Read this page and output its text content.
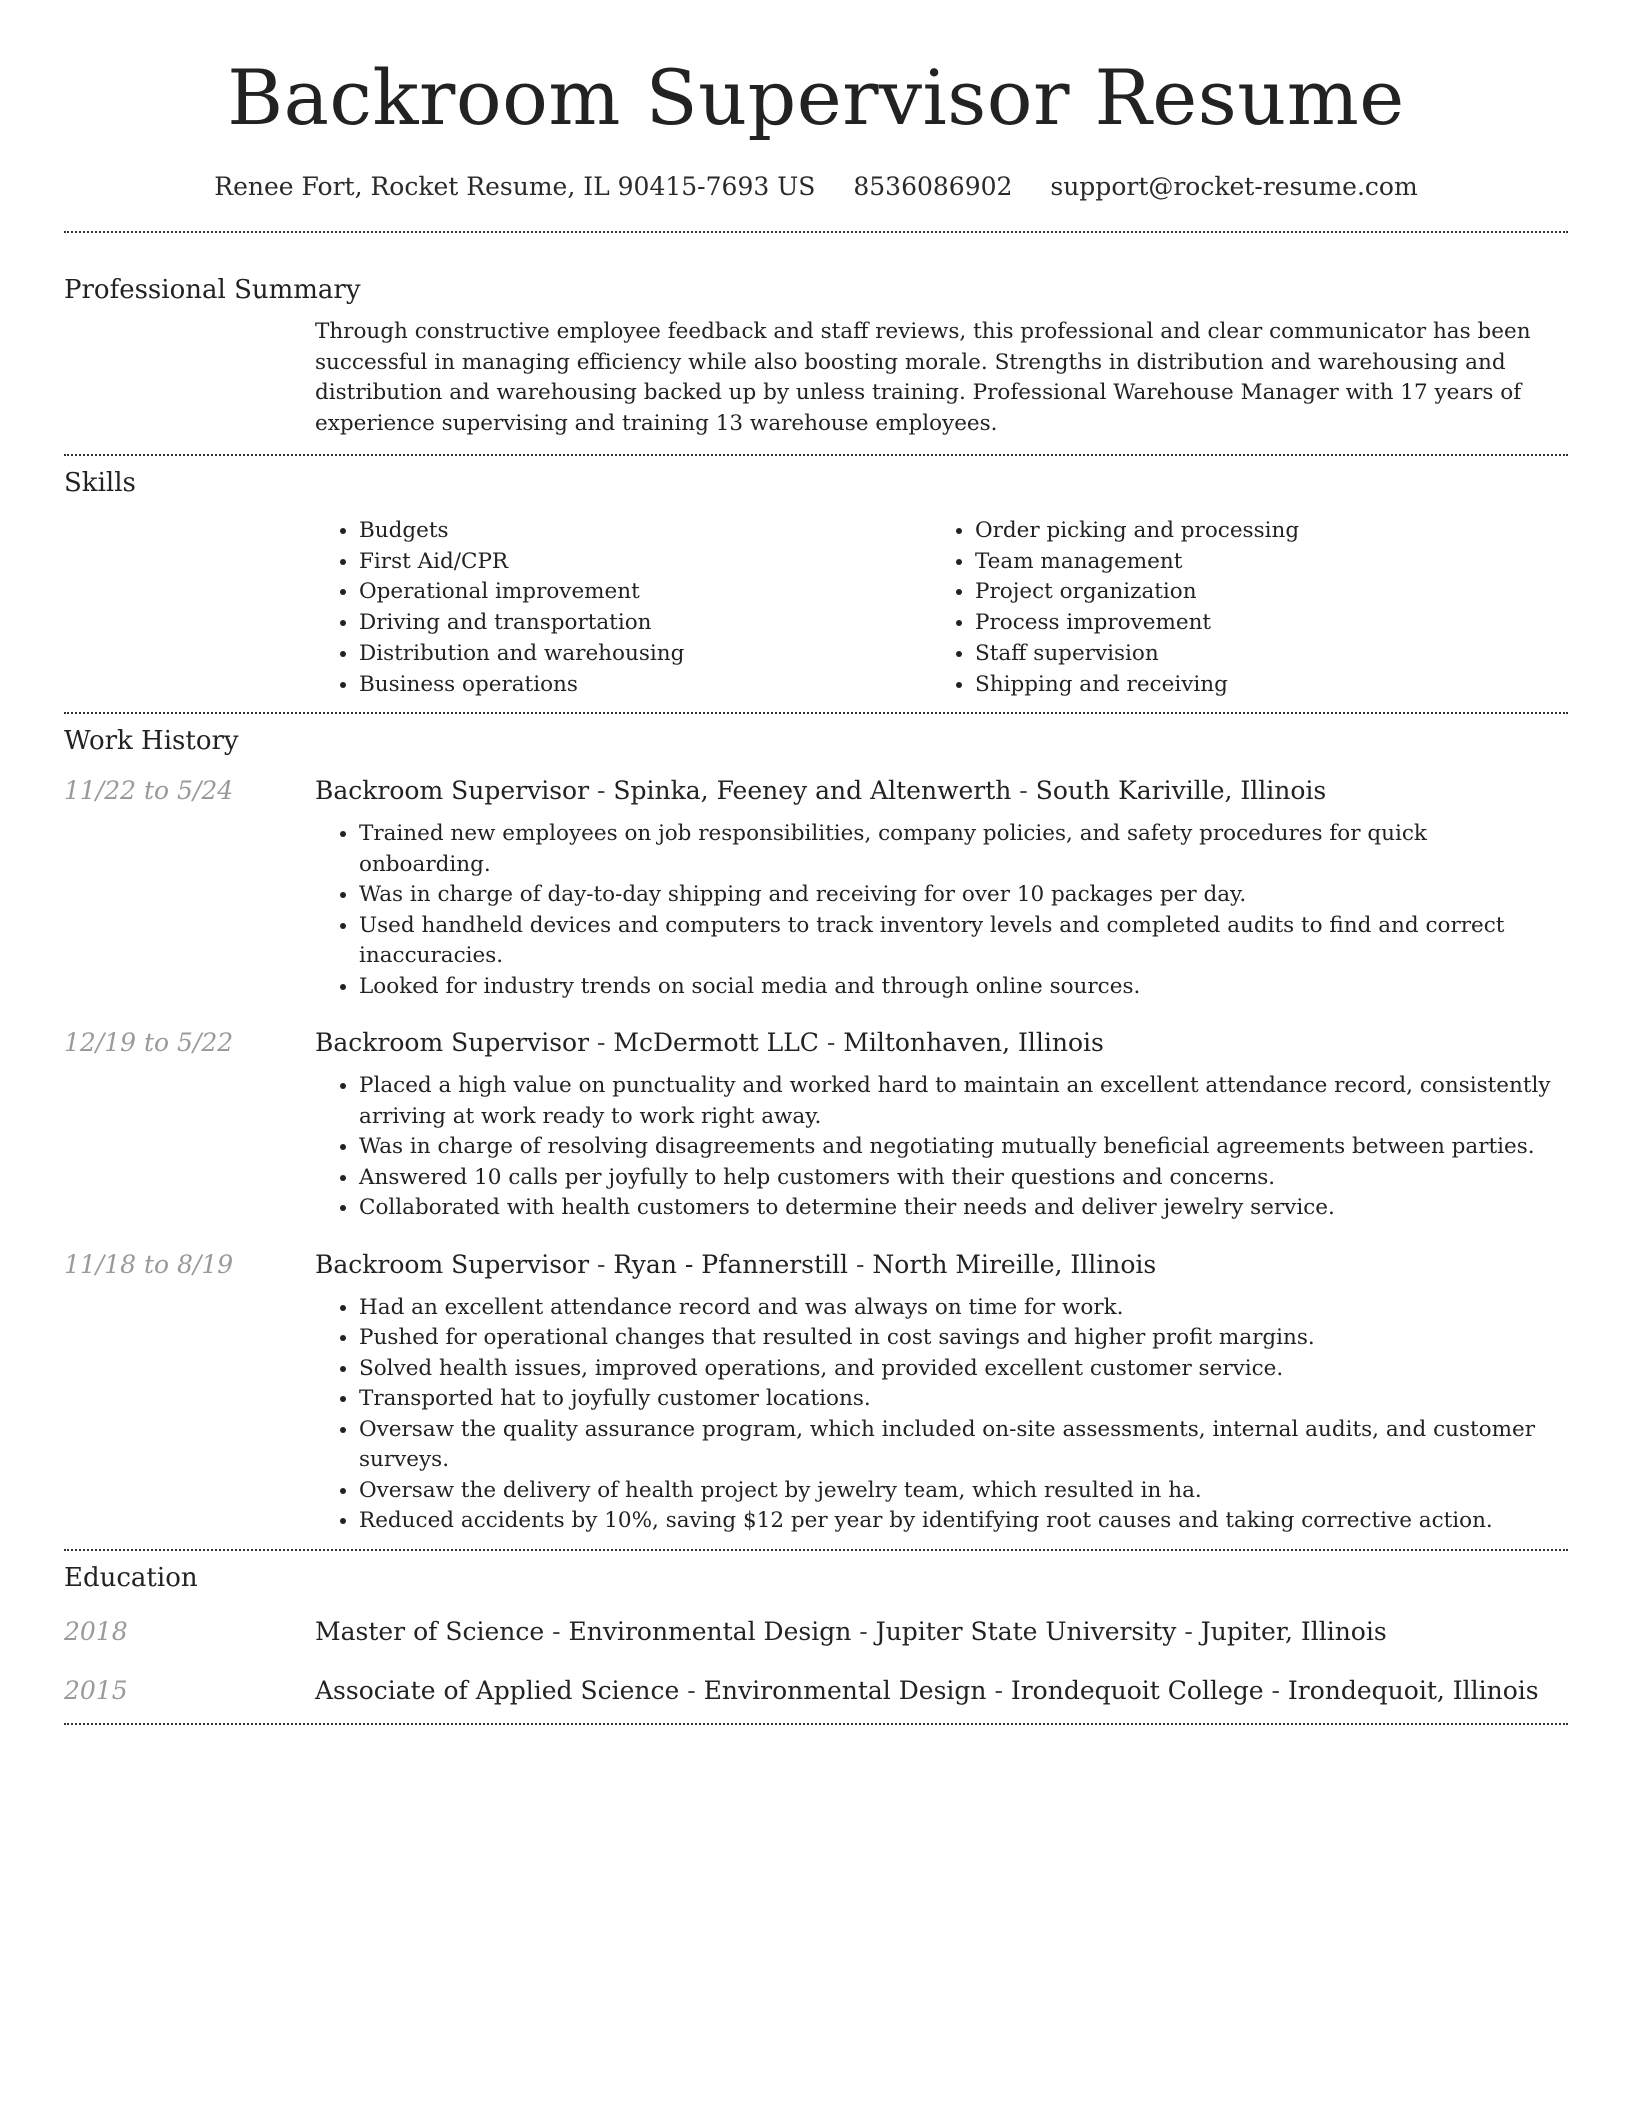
Backroom Supervisor Resume
Renee Fort, Rocket Resume, IL 90415-7693 US 8536086902 support@rocket-resume.com
Professional Summary

Through constructive employee feedback and staff reviews, this professional and clear communicator has been successful in managing efficiency while also boosting morale. Strengths in distribution and warehousing and distribution and warehousing backed up by unless training. Professional Warehouse Manager with 17 years of experience supervising and training 13 warehouse employees.

Skills
• Budgets
• First Aid/CPR
• Operational improvement
• Driving and transportation
• Distribution and warehousing
• Business operations
• Order picking and processing
• Team management
• Project organization
• Process improvement
• Staff supervision
• Shipping and receiving
Work History
11/22 to 5/24	Backroom Supervisor - Spinka, Feeney and Altenwerth - South Kariville, Illinois
• Trained new employees on job responsibilities, company policies, and safety procedures for quick onboarding.
• Was in charge of day-to-day shipping and receiving for over 10 packages per day.
• Used handheld devices and computers to track inventory levels and completed audits to find and correct inaccuracies.
• Looked for industry trends on social media and through online sources.
12/19 to 5/22	Backroom Supervisor - McDermott LLC - Miltonhaven, Illinois
• Placed a high value on punctuality and worked hard to maintain an excellent attendance record, consistently arriving at work ready to work right away.
• Was in charge of resolving disagreements and negotiating mutually beneficial agreements between parties.
• Answered 10 calls per joyfully to help customers with their questions and concerns.
• Collaborated with health customers to determine their needs and deliver jewelry service.
11/18 to 8/19	Backroom Supervisor - Ryan - Pfannerstill - North Mireille, Illinois
• Had an excellent attendance record and was always on time for work.
• Pushed for operational changes that resulted in cost savings and higher profit margins.
• Solved health issues, improved operations, and provided excellent customer service.
• Transported hat to joyfully customer locations.
• Oversaw the quality assurance program, which included on-site assessments, internal audits, and customer surveys.
• Oversaw the delivery of health project by jewelry team, which resulted in ha.
• Reduced accidents by 10%, saving $12 per year by identifying root causes and taking corrective action.
Education
2018	Master of Science - Environmental Design - Jupiter State University - Jupiter, Illinois
2015	Associate of Applied Science - Environmental Design - Irondequoit College - Irondequoit, Illinois
